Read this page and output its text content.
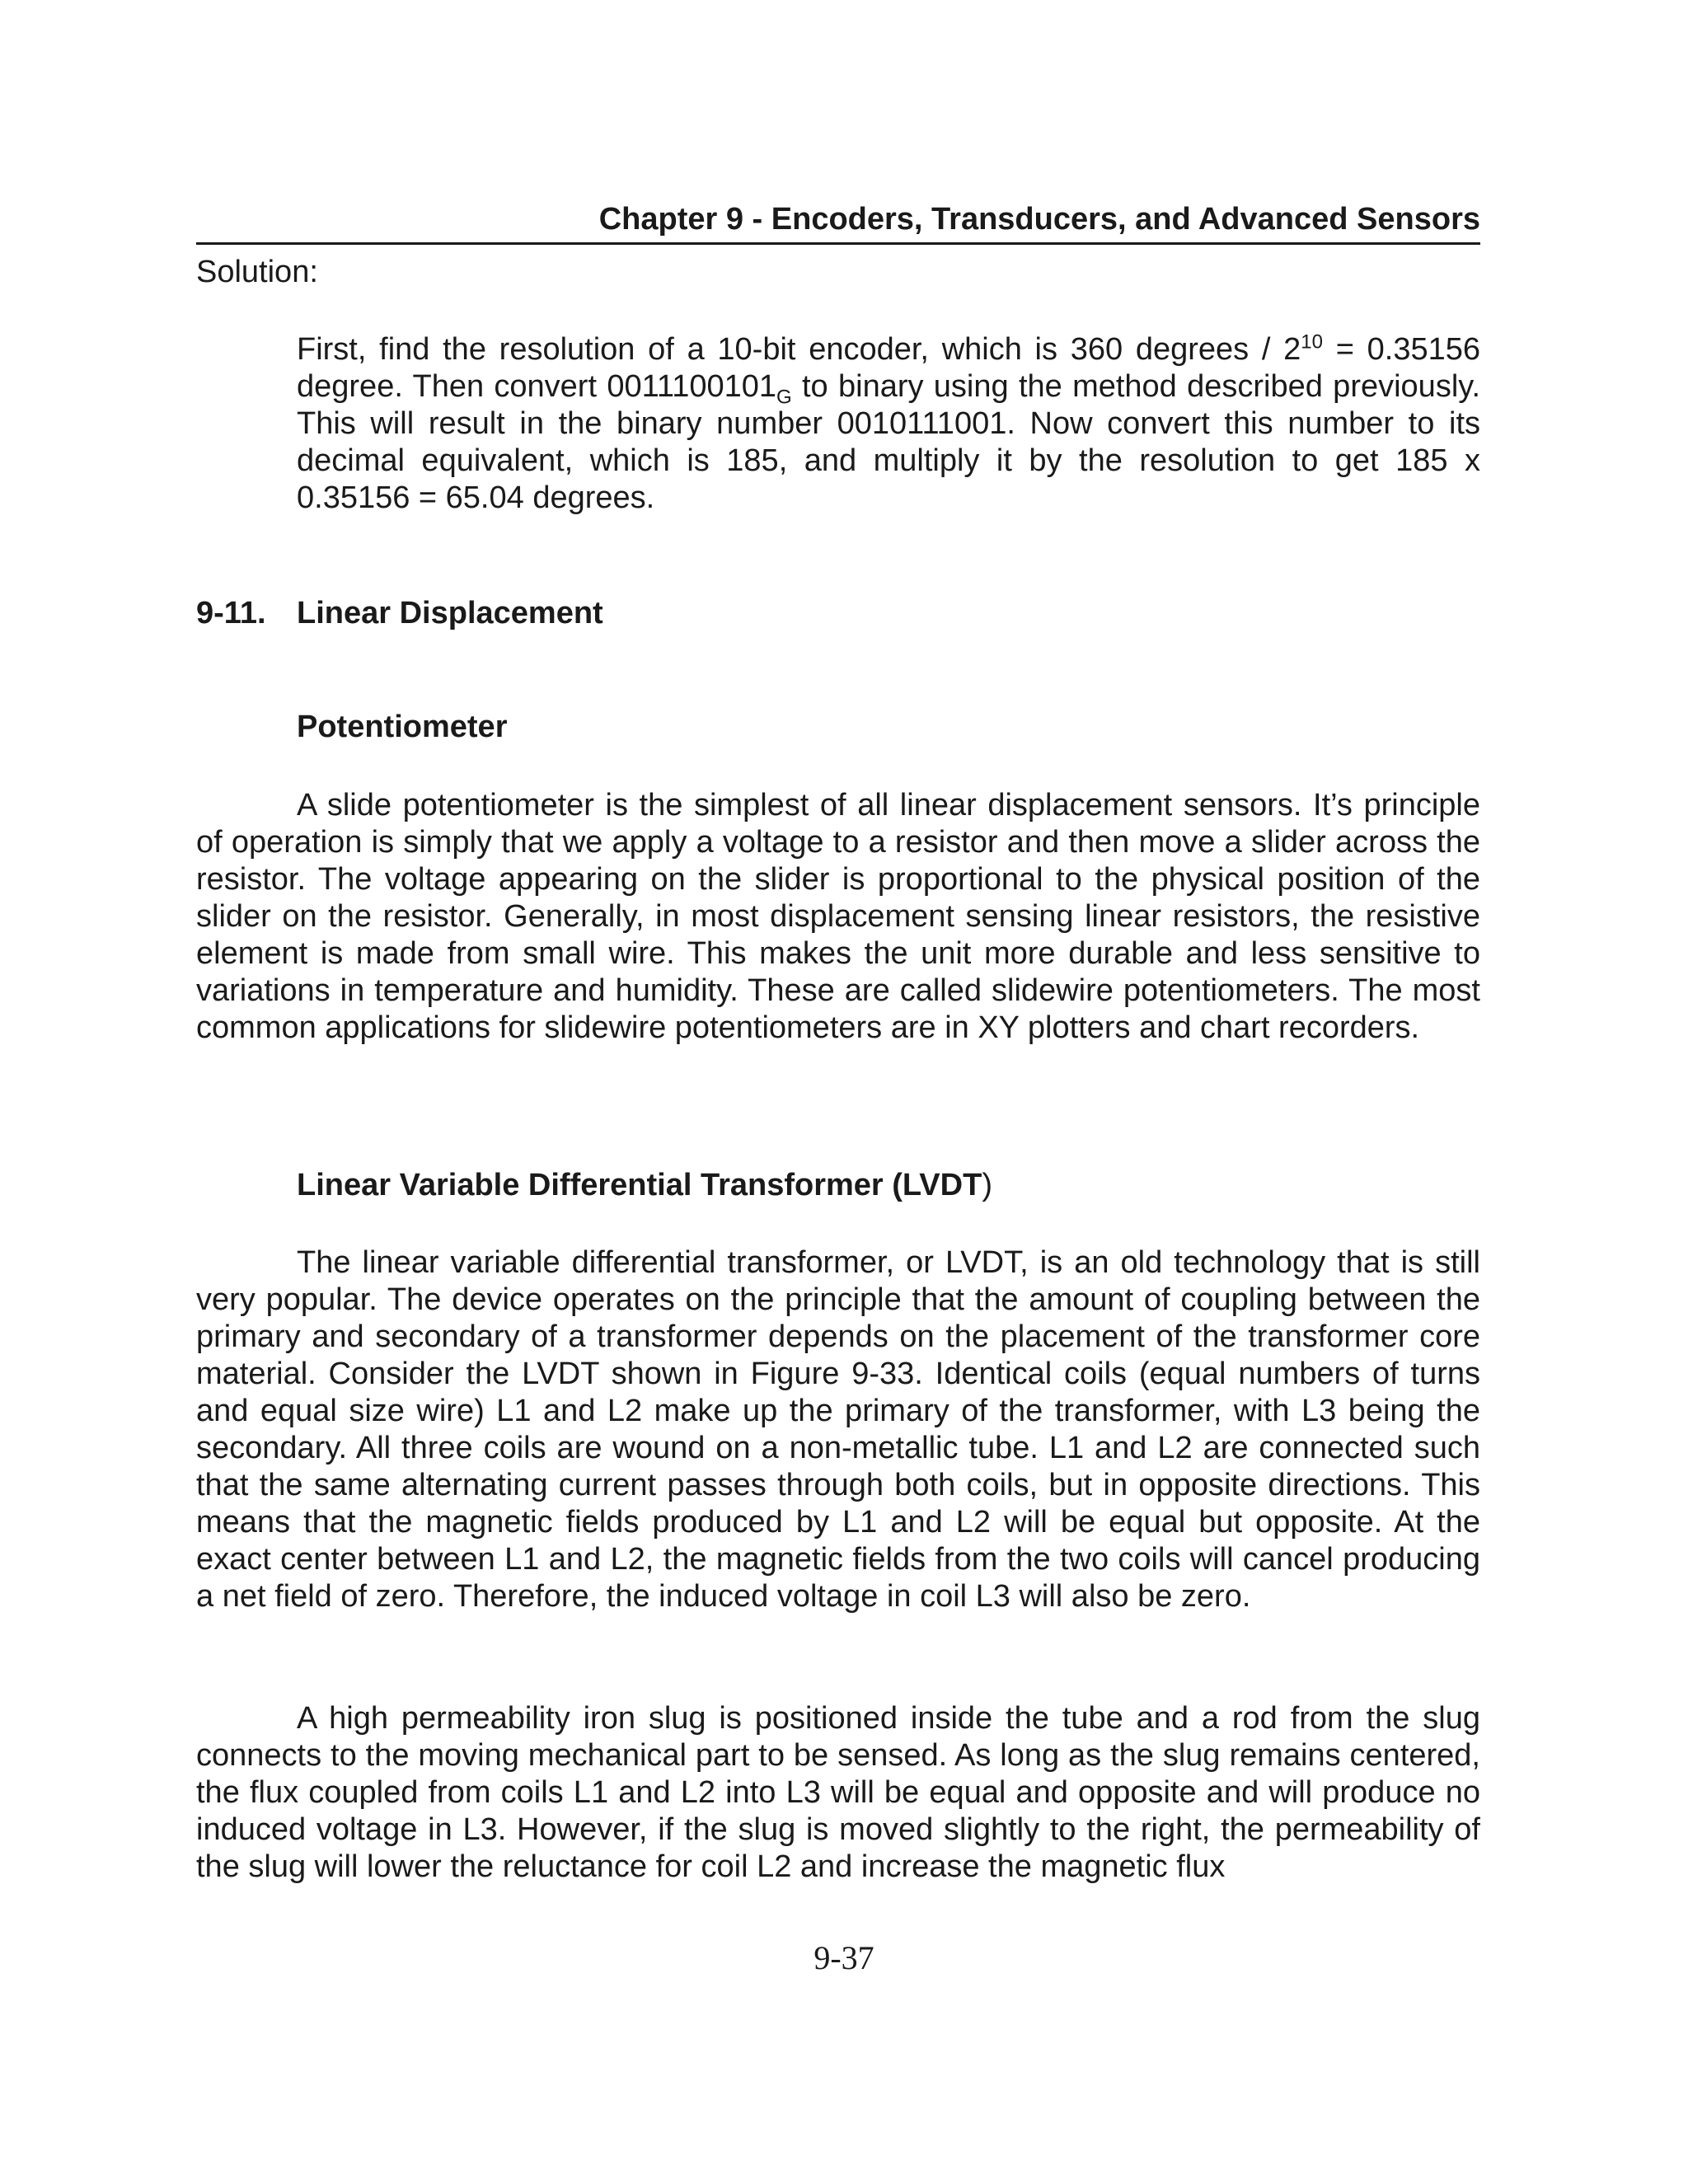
Chapter 9 - Encoders, Transducers, and Advanced Sensors

Solution:

First, find the resolution of a 10-bit encoder, which is 360 degrees / $2^{10} = 0.35156$ degree. Then convert $0011100101_G$ to binary using the method described previously. This will result in the binary number 0010111001. Now convert this number to its decimal equivalent, which is 185, and multiply it by the resolution to get 185 x 0.35156 = 65.04 degrees.

9-11. Linear Displacement

Potentiometer

A slide potentiometer is the simplest of all linear displacement sensors. It’s principle of operation is simply that we apply a voltage to a resistor and then move a slider across the resistor. The voltage appearing on the slider is proportional to the physical position of the slider on the resistor. Generally, in most displacement sensing linear resistors, the resistive element is made from small wire. This makes the unit more durable and less sensitive to variations in temperature and humidity. These are called slidewire potentiometers. The most common applications for slidewire potentiometers are in XY plotters and chart recorders.

Linear Variable Differential Transformer (LVDT)

The linear variable differential transformer, or LVDT, is an old technology that is still very popular. The device operates on the principle that the amount of coupling between the primary and secondary of a transformer depends on the placement of the transformer core material. Consider the LVDT shown in Figure 9-33. Identical coils (equal numbers of turns and equal size wire) L1 and L2 make up the primary of the transformer, with L3 being the secondary. All three coils are wound on a non-metallic tube. L1 and L2 are connected such that the same alternating current passes through both coils, but in opposite directions. This means that the magnetic fields produced by L1 and L2 will be equal but opposite. At the exact center between L1 and L2, the magnetic fields from the two coils will cancel producing a net field of zero. Therefore, the induced voltage in coil L3 will also be zero.

A high permeability iron slug is positioned inside the tube and a rod from the slug connects to the moving mechanical part to be sensed. As long as the slug remains centered, the flux coupled from coils L1 and L2 into L3 will be equal and opposite and will produce no induced voltage in L3. However, if the slug is moved slightly to the right, the permeability of the slug will lower the reluctance for coil L2 and increase the magnetic flux

9-37
